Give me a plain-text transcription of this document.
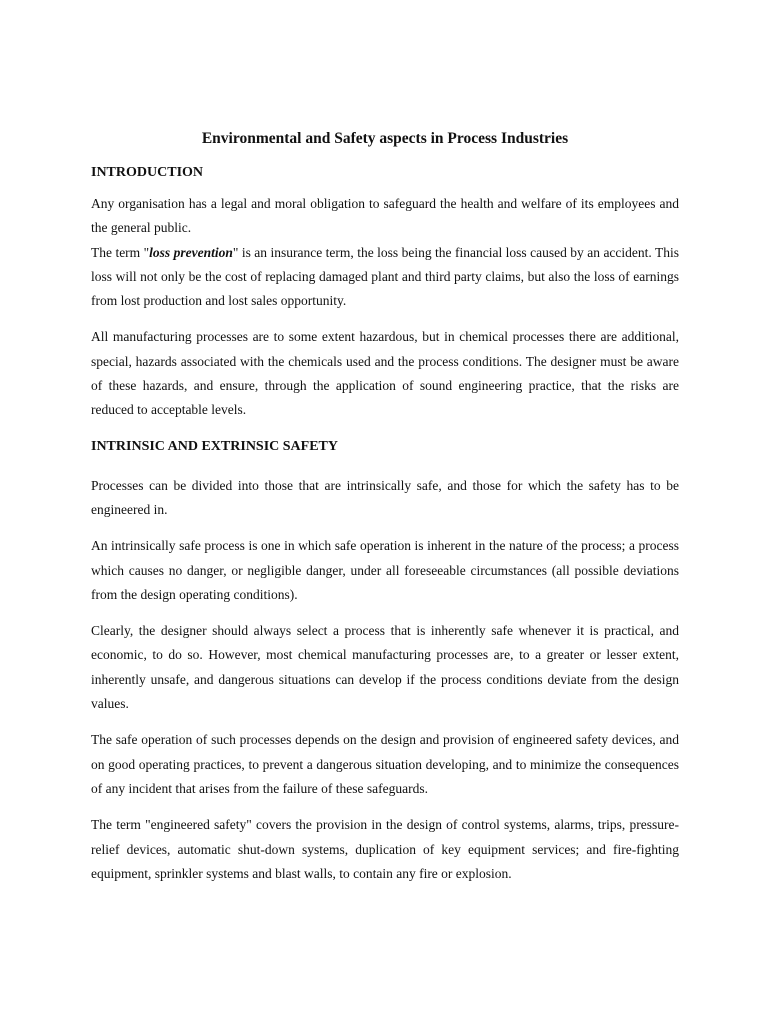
Environmental and Safety aspects in Process Industries
INTRODUCTION

Any organisation has a legal and moral obligation to safeguard the health and welfare of its employees and the general public.

The term "loss prevention" is an insurance term, the loss being the financial loss caused by an accident. This loss will not only be the cost of replacing damaged plant and third party claims, but also the loss of earnings from lost production and lost sales opportunity.

All manufacturing processes are to some extent hazardous, but in chemical processes there are additional, special, hazards associated with the chemicals used and the process conditions. The designer must be aware of these hazards, and ensure, through the application of sound engineering practice, that the risks are reduced to acceptable levels.

INTRINSIC AND EXTRINSIC SAFETY

Processes can be divided into those that are intrinsically safe, and those for which the safety has to be engineered in.

An intrinsically safe process is one in which safe operation is inherent in the nature of the process; a process which causes no danger, or negligible danger, under all foreseeable circumstances (all possible deviations from the design operating conditions).

Clearly, the designer should always select a process that is inherently safe whenever it is practical, and economic, to do so. However, most chemical manufacturing processes are, to a greater or lesser extent, inherently unsafe, and dangerous situations can develop if the process conditions deviate from the design values.

The safe operation of such processes depends on the design and provision of engineered safety devices, and on good operating practices, to prevent a dangerous situation developing, and to minimize the consequences of any incident that arises from the failure of these safeguards.

The term "engineered safety" covers the provision in the design of control systems, alarms, trips, pressure-relief devices, automatic shut-down systems, duplication of key equipment services; and fire-fighting equipment, sprinkler systems and blast walls, to contain any fire or explosion.
